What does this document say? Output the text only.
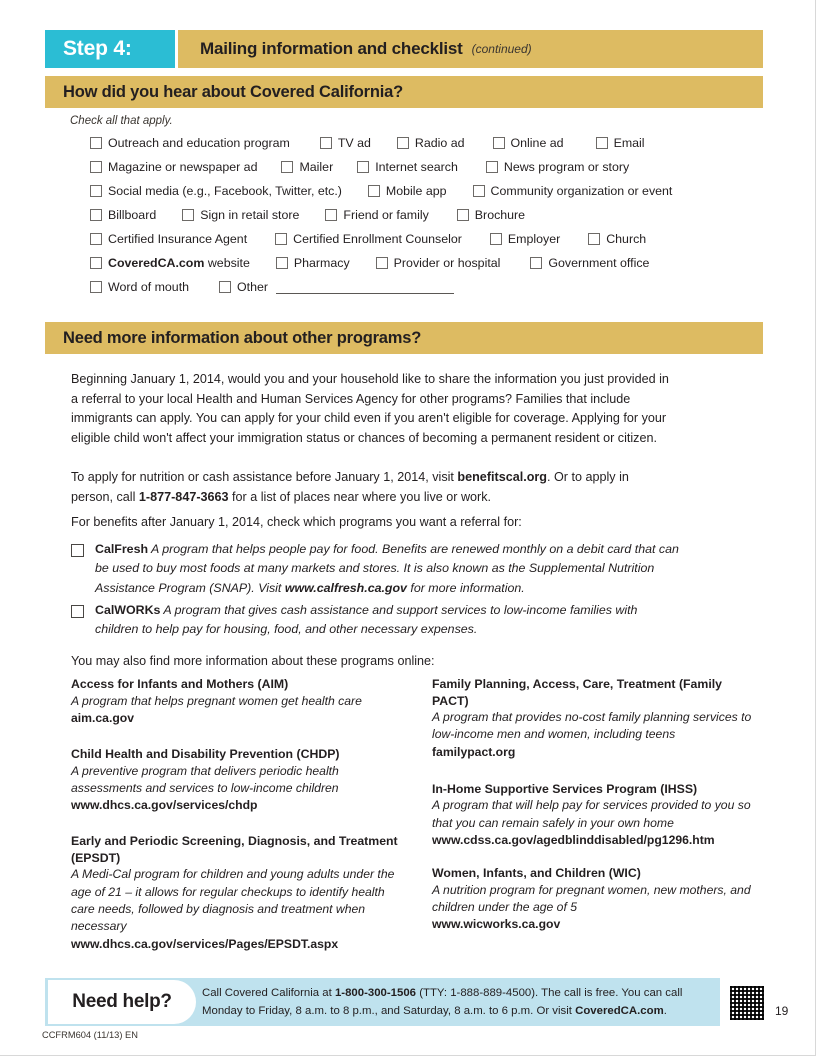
Step 4:	Mailing information and checklist (continued)
How did you hear about Covered California?
Check all that apply.
Outreach and education program	TV ad	Radio ad	Online ad	Email
Magazine or newspaper ad	Mailer	Internet search	News program or story
Social media (e.g., Facebook, Twitter, etc.)	Mobile app	Community organization or event
Billboard	Sign in retail store	Friend or family	Brochure
Certified Insurance Agent	Certified Enrollment Counselor	Employer	Church
CoveredCA.com website	Pharmacy	Provider or hospital	Government office
Word of mouth	Other
Need more information about other programs?
Beginning January 1, 2014, would you and your household like to share the information you just provided in a referral to your local Health and Human Services Agency for other programs? Families that include immigrants can apply. You can apply for your child even if you aren't eligible for coverage. Applying for your eligible child won't affect your immigration status or chances of becoming a permanent resident or citizen.
To apply for nutrition or cash assistance before January 1, 2014, visit benefitscal.org. Or to apply in person, call 1-877-847-3663 for a list of places near where you live or work.
For benefits after January 1, 2014, check which programs you want a referral for:
CalFresh A program that helps people pay for food. Benefits are renewed monthly on a debit card that can be used to buy most foods at many markets and stores. It is also known as the Supplemental Nutrition Assistance Program (SNAP). Visit www.calfresh.ca.gov for more information.
CalWORKs A program that gives cash assistance and support services to low-income families with children to help pay for housing, food, and other necessary expenses.
You may also find more information about these programs online:
Access for Infants and Mothers (AIM)
A program that helps pregnant women get health care
aim.ca.gov
Child Health and Disability Prevention (CHDP)
A preventive program that delivers periodic health assessments and services to low-income children
www.dhcs.ca.gov/services/chdp
Early and Periodic Screening, Diagnosis, and Treatment (EPSDT)
A Medi-Cal program for children and young adults under the age of 21 – it allows for regular checkups to identify health care needs, followed by diagnosis and treatment when necessary
www.dhcs.ca.gov/services/Pages/EPSDT.aspx
Family Planning, Access, Care, Treatment (Family PACT)
A program that provides no-cost family planning services to low-income men and women, including teens
familypact.org
In-Home Supportive Services Program (IHSS)
A program that will help pay for services provided to you so that you can remain safely in your own home
www.cdss.ca.gov/agedblinddisabled/pg1296.htm
Women, Infants, and Children (WIC)
A nutrition program for pregnant women, new mothers, and children under the age of 5
www.wicworks.ca.gov
Need help?	Call Covered California at 1-800-300-1506 (TTY: 1-888-889-4500). The call is free. You can call Monday to Friday, 8 a.m. to 8 p.m., and Saturday, 8 a.m. to 6 p.m. Or visit CoveredCA.com.	19
CCFRM604 (11/13) EN
